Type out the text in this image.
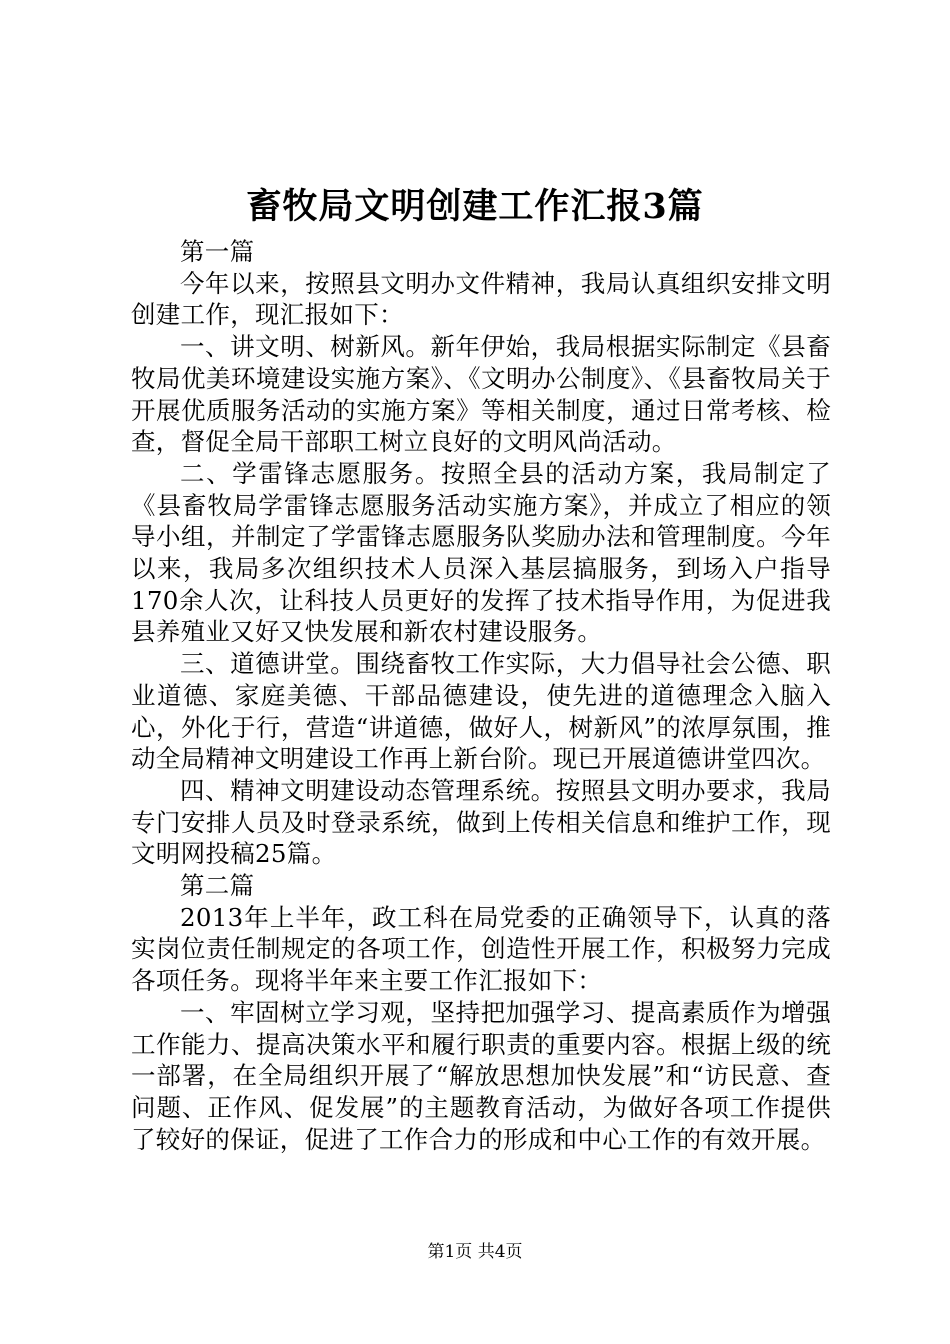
畜牧局文明创建工作汇报3篇

第一篇

今年以来，按照县文明办文件精神，我局认真组织安排文明创建工作，现汇报如下：

一、讲文明、树新风。新年伊始，我局根据实际制定《县畜牧局优美环境建设实施方案》、《文明办公制度》、《县畜牧局关于开展优质服务活动的实施方案》等相关制度，通过日常考核、检查，督促全局干部职工树立良好的文明风尚活动。

二、学雷锋志愿服务。按照全县的活动方案，我局制定了《县畜牧局学雷锋志愿服务活动实施方案》，并成立了相应的领导小组，并制定了学雷锋志愿服务队奖励办法和管理制度。今年以来，我局多次组织技术人员深入基层搞服务，到场入户指导170余人次，让科技人员更好的发挥了技术指导作用，为促进我县养殖业又好又快发展和新农村建设服务。

三、道德讲堂。围绕畜牧工作实际，大力倡导社会公德、职业道德、家庭美德、干部品德建设，使先进的道德理念入脑入心，外化于行，营造“讲道德，做好人，树新风”的浓厚氛围，推动全局精神文明建设工作再上新台阶。现已开展道德讲堂四次。

四、精神文明建设动态管理系统。按照县文明办要求，我局专门安排人员及时登录系统，做到上传相关信息和维护工作，现文明网投稿25篇。

第二篇

2013年上半年，政工科在局党委的正确领导下，认真的落实岗位责任制规定的各项工作，创造性开展工作，积极努力完成各项任务。现将半年来主要工作汇报如下：

一、牢固树立学习观，坚持把加强学习、提高素质作为增强工作能力、提高决策水平和履行职责的重要内容。根据上级的统一部署，在全局组织开展了“解放思想加快发展”和“访民意、查问题、正作风、促发展”的主题教育活动，为做好各项工作提供了较好的保证，促进了工作合力的形成和中心工作的有效开展。

第1页 共4页
